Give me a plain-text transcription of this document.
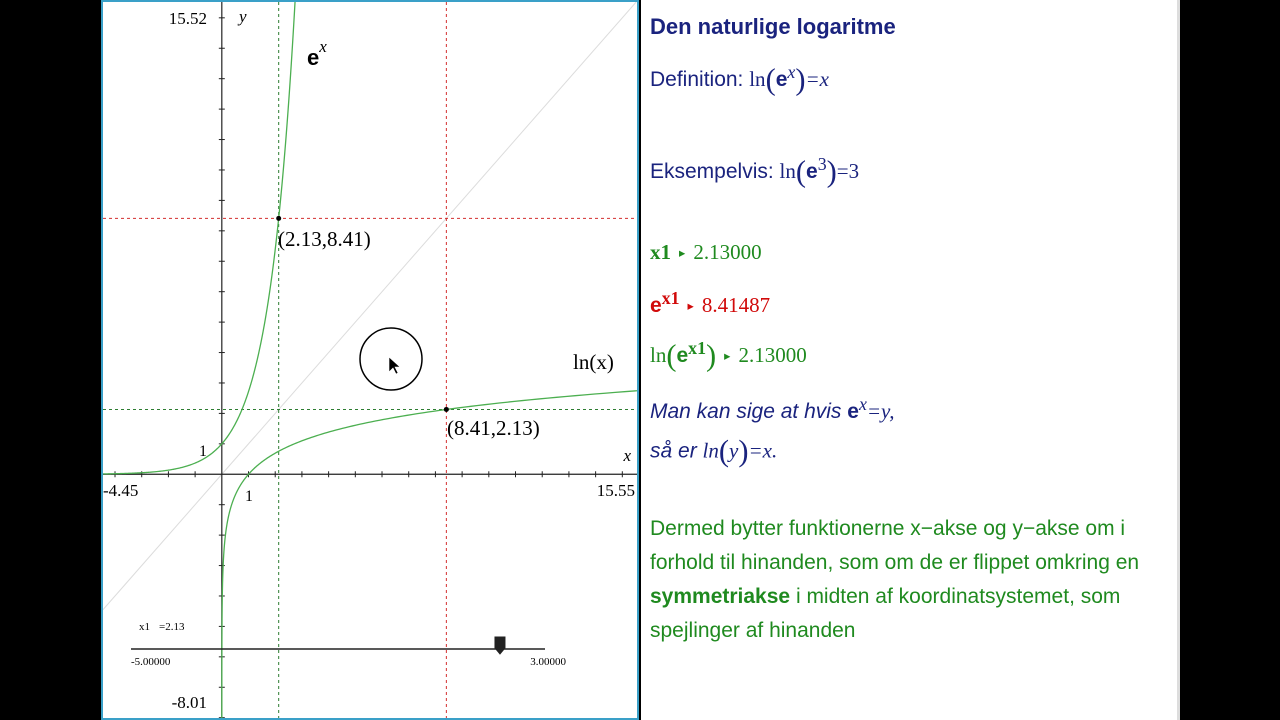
15.52 y
-4.45	15.55
x
-8.01
1
1
$e^x$
ln(x)
(2.13,8.41)
(8.41,2.13)
x1 =2.13
-5.00000	3.00000
Den naturlige logaritme
Definition: ln(ex)=x
Eksempelvis: ln(e3)=3
x1 ▸ 2.13000
ex1 ▸ 8.41487
ln(ex1) ▸ 2.13000
Man kan sige at hvis ex=y,
så er ln(y)=x.
Dermed bytter funktionerne x−akse og y−akse om i forhold til hinanden, som om de er flippet omkring en symmetriakse i midten af koordinatsystemet, som spejlinger af hinanden
